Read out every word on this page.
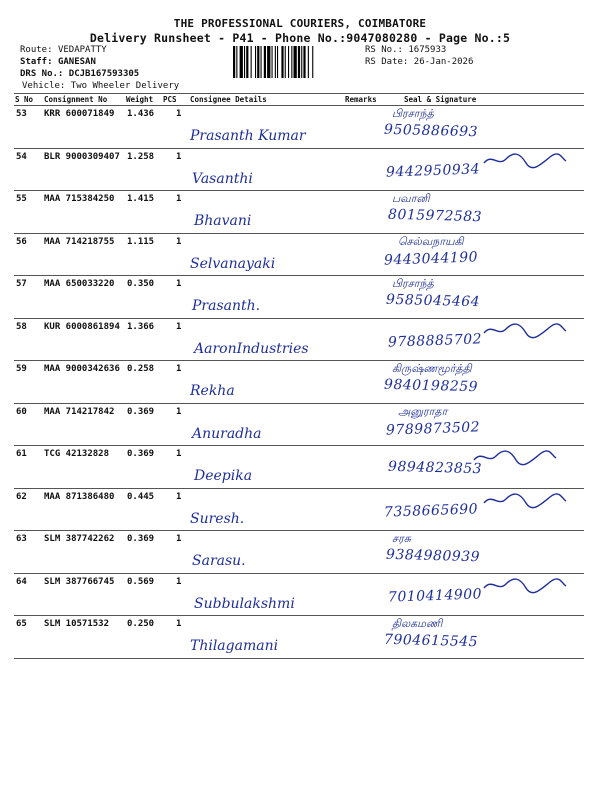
THE PROFESSIONAL COURIERS, COIMBATORE
Delivery Runsheet - P41 - Phone No.:9047080280 - Page No.:5
Route: VEDAPATTY
Staff: GANESAN
DRS No.: DCJB167593305
Vehicle: Two Wheeler Delivery
RS No.: 1675933
RS Date: 26-Jan-2026
S No Consignment No	Weight PCS Consignee Details	Remarks	Seal & Signature
53 KRR 600071849 1.436 1
Prasanth Kumar
பிரசாந்த்
9505886693
54 BLR 9000309407 1.258 1
Vasanthi	9442950934
55 MAA 715384250 1.415 1
Bhavani
பவானி
8015972583
56 MAA 714218755 1.115 1
Selvanayaki
செல்வநாயகி
9443044190
57 MAA 650033220 0.350 1
Prasanth.
பிரசாந்த்
9585045464
58 KUR 6000861894 1.366 1
AaronIndustries	9788885702
59 MAA 9000342636 0.258 1
Rekha
கிருஷ்ணமூர்த்தி
9840198259
60 MAA 714217842 0.369 1
Anuradha
அனுராதா
9789873502
61 TCG 42132828 0.369 1
Deepika	9894823853
62 MAA 871386480 0.445 1
Suresh.	7358665690
63 SLM 387742262 0.369 1
Sarasu.
சரசு
9384980939
64 SLM 387766745 0.569 1
Subbulakshmi	7010414900
65 SLM 10571532 0.250 1
Thilagamani
திலகமணி
7904615545
